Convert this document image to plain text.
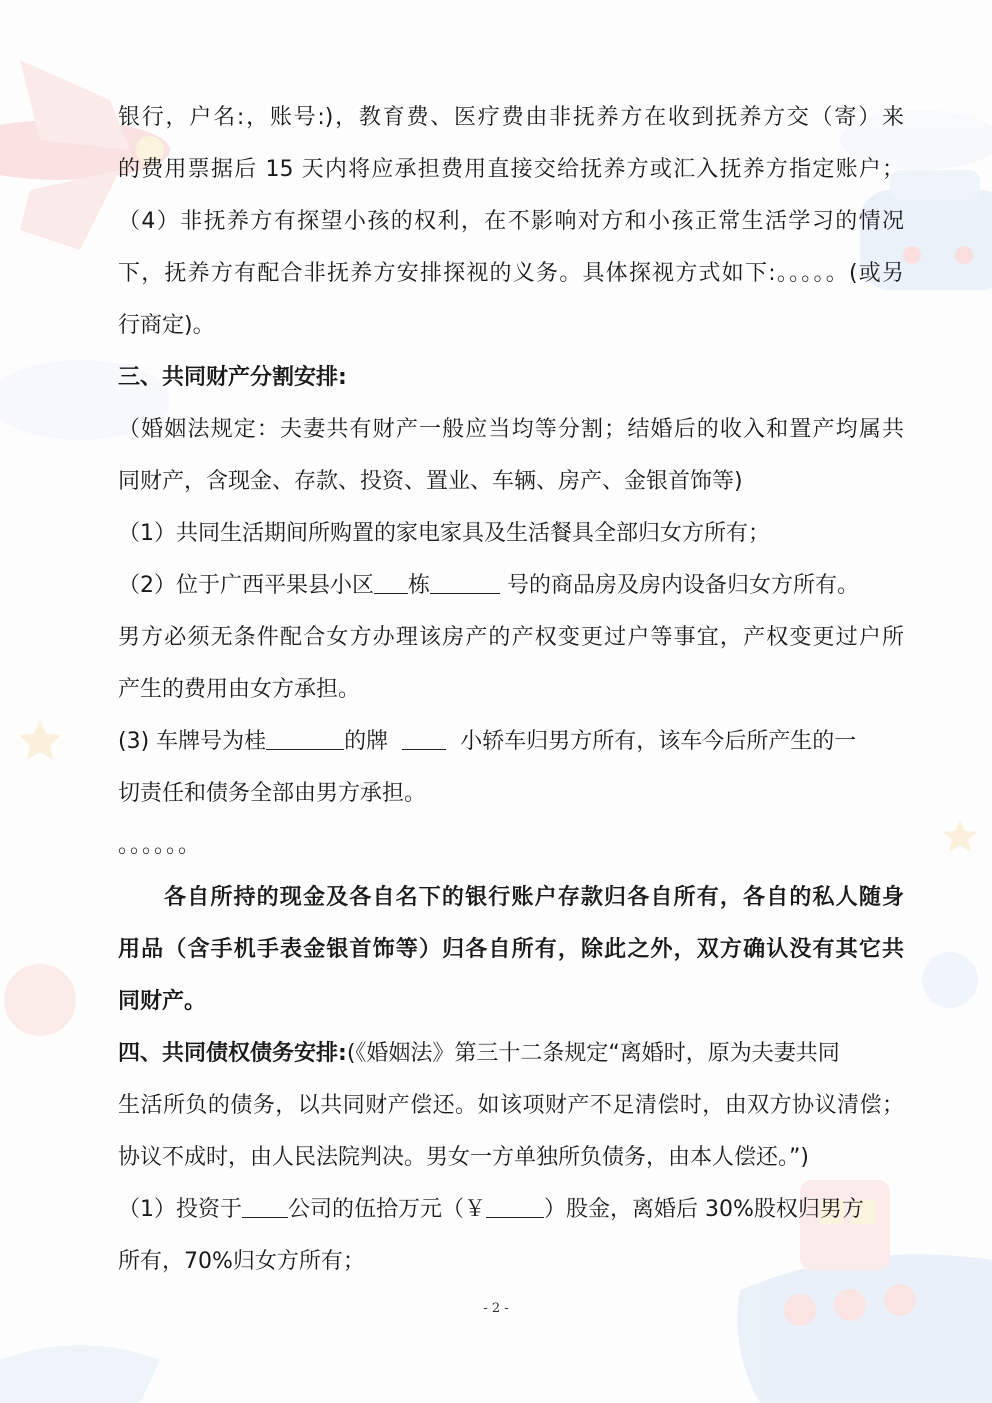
银行，户名:，账号:)，教育费、医疗费由非抚养方在收到抚养方交（寄）来
的费用票据后 15 天内将应承担费用直接交给抚养方或汇入抚养方指定账户；
（4）非抚养方有探望小孩的权利，在不影响对方和小孩正常生活学习的情况
下，抚养方有配合非抚养方安排探视的义务。具体探视方式如下:。。。。。(或另
行商定)。
三、共同财产分割安排:
（婚姻法规定：夫妻共有财产一般应当均等分割；结婚后的收入和置产均属共
同财产，含现金、存款、投资、置业、车辆、房产、金银首饰等)
（1）共同生活期间所购置的家电家具及生活餐具全部归女方所有；
（2）位于广西平果县小区 栋	号的商品房及房内设备归女方所有。
男方必须无条件配合女方办理该房产的产权变更过户等事宜，产权变更过户所
产生的费用由女方承担。
(3) 车牌号为桂	的牌	小轿车归男方所有，该车今后所产生的一
切责任和债务全部由男方承担。
。。。。。。
各自所持的现金及各自名下的银行账户存款归各自所有，各自的私人随身
用品（含手机手表金银首饰等）归各自所有，除此之外，双方确认没有其它共
同财产。
四、共同债权债务安排:(《婚姻法》第三十二条规定“离婚时，原为夫妻共同
生活所负的债务，以共同财产偿还。如该项财产不足清偿时，由双方协议清偿；
协议不成时，由人民法院判决。男女一方单独所负债务，由本人偿还。”)
（1）投资于 公司的伍拾万元（￥	）股金，离婚后 30%股权归男方
所有，70%归女方所有；
- 2 -
